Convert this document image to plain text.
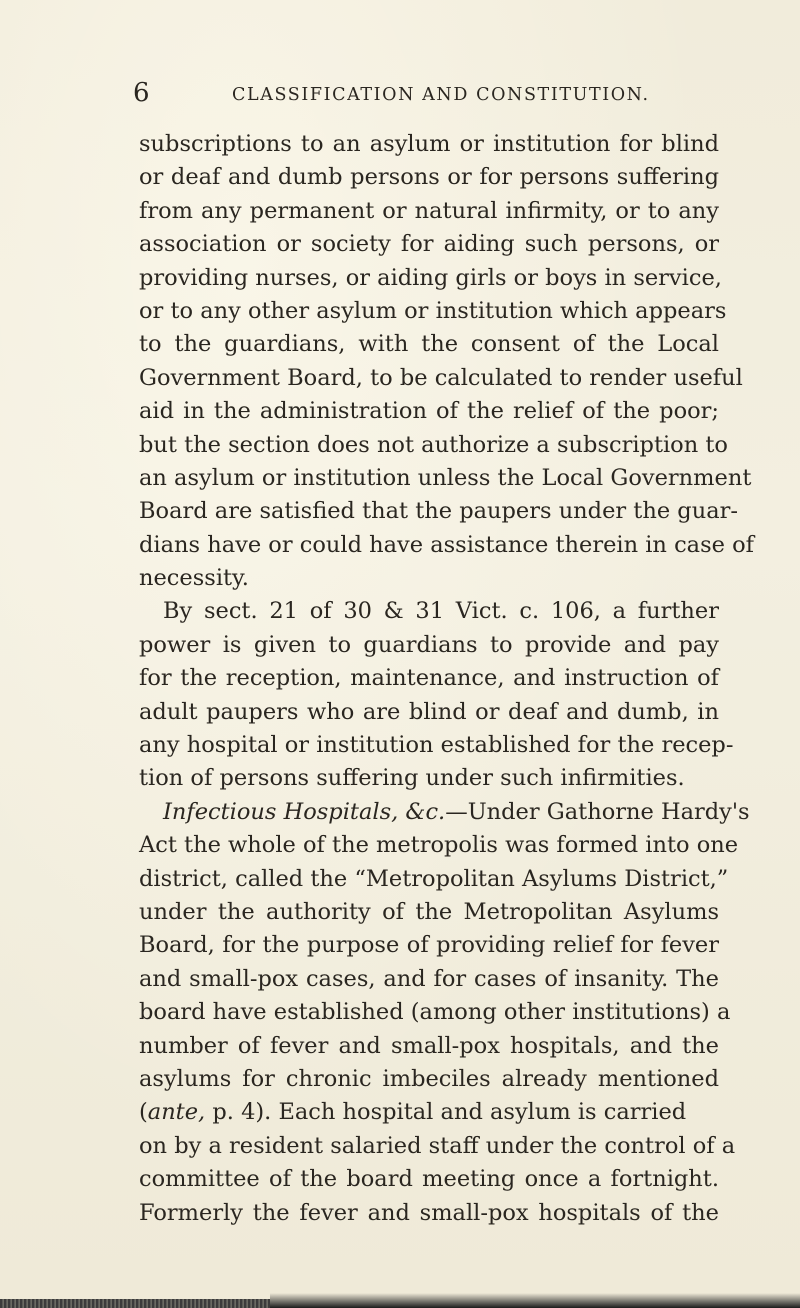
6	CLASSIFICATION AND CONSTITUTION.
subscriptions to an asylum or institution for blind
or deaf and dumb persons or for persons suffering
from any permanent or natural infirmity, or to any
association or society for aiding such persons, or
providing nurses, or aiding girls or boys in service,
or to any other asylum or institution which appears
to the guardians, with the consent of the Local
Government Board, to be calculated to render useful
aid in the administration of the relief of the poor;
but the section does not authorize a subscription to
an asylum or institution unless the Local Government
Board are satisfied that the paupers under the guar-
dians have or could have assistance therein in case of
necessity.
By sect. 21 of 30 & 31 Vict. c. 106, a further
power is given to guardians to provide and pay
for the reception, maintenance, and instruction of
adult paupers who are blind or deaf and dumb, in
any hospital or institution established for the recep-
tion of persons suffering under such infirmities.
Infectious Hospitals, &c.—Under Gathorne Hardy's
Act the whole of the metropolis was formed into one
district, called the “Metropolitan Asylums District,”
under the authority of the Metropolitan Asylums
Board, for the purpose of providing relief for fever
and small-pox cases, and for cases of insanity. The
board have established (among other institutions) a
number of fever and small-pox hospitals, and the
asylums for chronic imbeciles already mentioned
(ante, p. 4). Each hospital and asylum is carried
on by a resident salaried staff under the control of a
committee of the board meeting once a fortnight.
Formerly the fever and small-pox hospitals of the
